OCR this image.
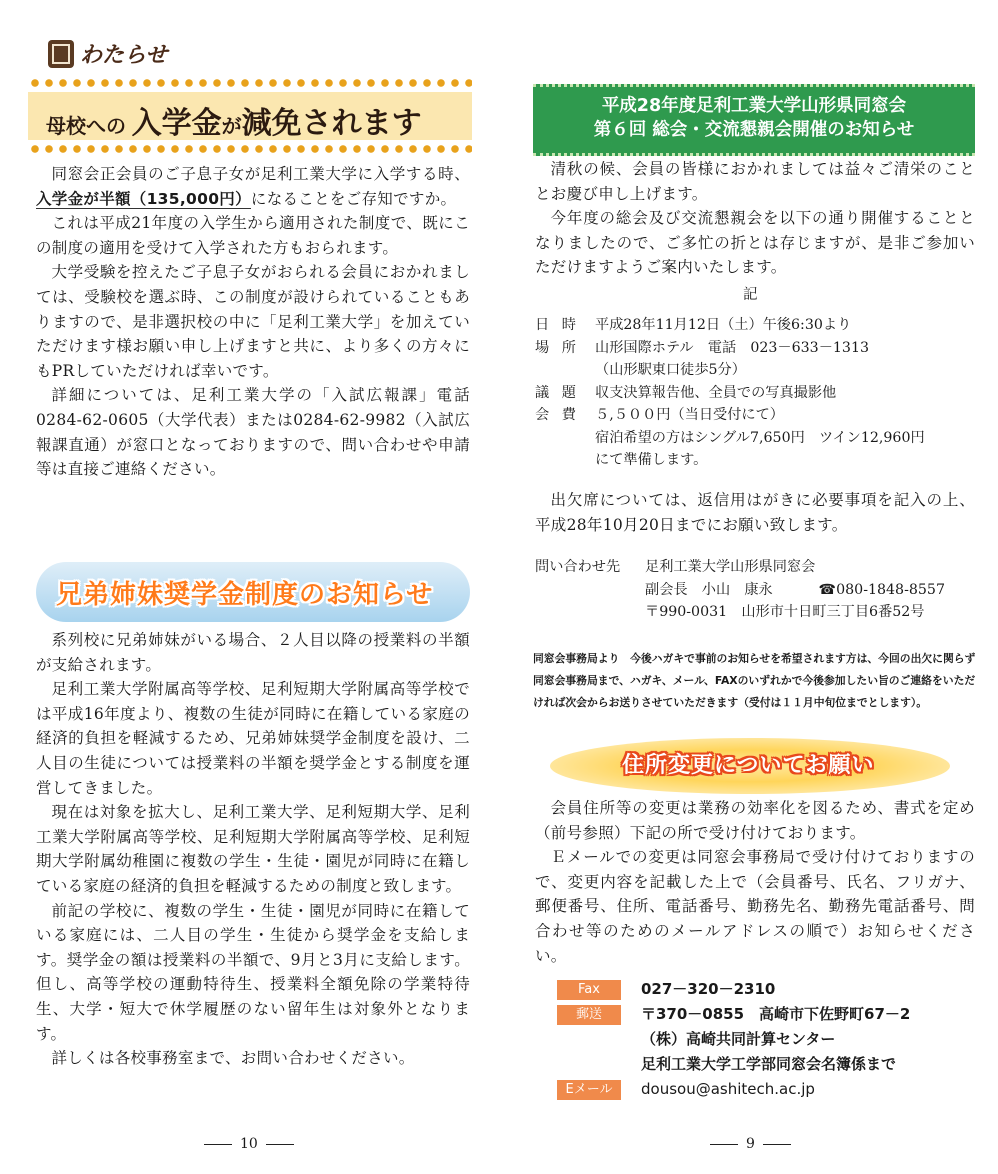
わたらせ
母校への 入学金が減免されます

同窓会正会員のご子息子女が足利工業大学に入学する時、入学金が半額（135,000円）になることをご存知ですか。

これは平成21年度の入学生から適用された制度で、既にこの制度の適用を受けて入学された方もおられます。

大学受験を控えたご子息子女がおられる会員におかれましては、受験校を選ぶ時、この制度が設けられていることもありますので、是非選択校の中に「足利工業大学」を加えていただけます様お願い申し上げますと共に、より多くの方々にもPRしていただければ幸いです。

詳細については、足利工業大学の「入試広報課」電話 0284-62-0605（大学代表）または0284-62-9982（入試広報課直通）が窓口となっておりますので、問い合わせや申請等は直接ご連絡ください。

兄弟姉妹奨学金制度のお知らせ

系列校に兄弟姉妹がいる場合、２人目以降の授業料の半額が支給されます。

足利工業大学附属高等学校、足利短期大学附属高等学校では平成16年度より、複数の生徒が同時に在籍している家庭の経済的負担を軽減するため、兄弟姉妹奨学金制度を設け、二人目の生徒については授業料の半額を奨学金とする制度を運営してきました。

現在は対象を拡大し、足利工業大学、足利短期大学、足利工業大学附属高等学校、足利短期大学附属高等学校、足利短期大学附属幼稚園に複数の学生・生徒・園児が同時に在籍している家庭の経済的負担を軽減するための制度と致します。

前記の学校に、複数の学生・生徒・園児が同時に在籍している家庭には、二人目の学生・生徒から奨学金を支給します。奨学金の額は授業料の半額で、9月と3月に支給します。但し、高等学校の運動特待生、授業料全額免除の学業特待生、大学・短大で休学履歴のない留年生は対象外となります。

詳しくは各校事務室まで、お問い合わせください。

10
平成28年度足利工業大学山形県同窓会
第６回 総会・交流懇親会開催のお知らせ

清秋の候、会員の皆様におかれましては益々ご清栄のこととお慶び申し上げます。

今年度の総会及び交流懇親会を以下の通り開催することとなりましたので、ご多忙の折とは存じますが、是非ご参加いただけますようご案内いたします。

記
日 時	平成28年11月12日（土）午後6:30より
場 所	山形国際ホテル　電話　023－633－1313
（山形駅東口徒歩5分）
議 題	収支決算報告他、全員での写真撮影他
会 費	５,５００円（当日受付にて）
宿泊希望の方はシングル7,650円　ツイン12,960円
にて準備します。

出欠席については、返信用はがきに必要事項を記入の上、平成28年10月20日までにお願い致します。

問い合わせ先	足利工業大学山形県同窓会
副会長　小山　康永	☎080-1848-8557
〒990-0031　山形市十日町三丁目6番52号
同窓会事務局より　今後ハガキで事前のお知らせを希望されます方は、今回の出欠に関らず同窓会事務局まで、ハガキ、メール、FAXのいずれかで今後参加したい旨のご連絡をいただければ次会からお送りさせていただきます（受付は１１月中旬位までとします）。
住所変更についてお願い

会員住所等の変更は業務の効率化を図るため、書式を定め（前号参照）下記の所で受け付けております。

Ｅメールでの変更は同窓会事務局で受け付けておりますので、変更内容を記載した上で（会員番号、氏名、フリガナ、郵便番号、住所、電話番号、勤務先名、勤務先電話番号、問合わせ等のためのメールアドレスの順で）お知らせください。

Fax	027－320－2310
郵送	〒370－0855　高崎市下佐野町67－2
（株）高崎共同計算センター
足利工業大学工学部同窓会名簿係まで
Eメール	dousou@ashitech.ac.jp
9
